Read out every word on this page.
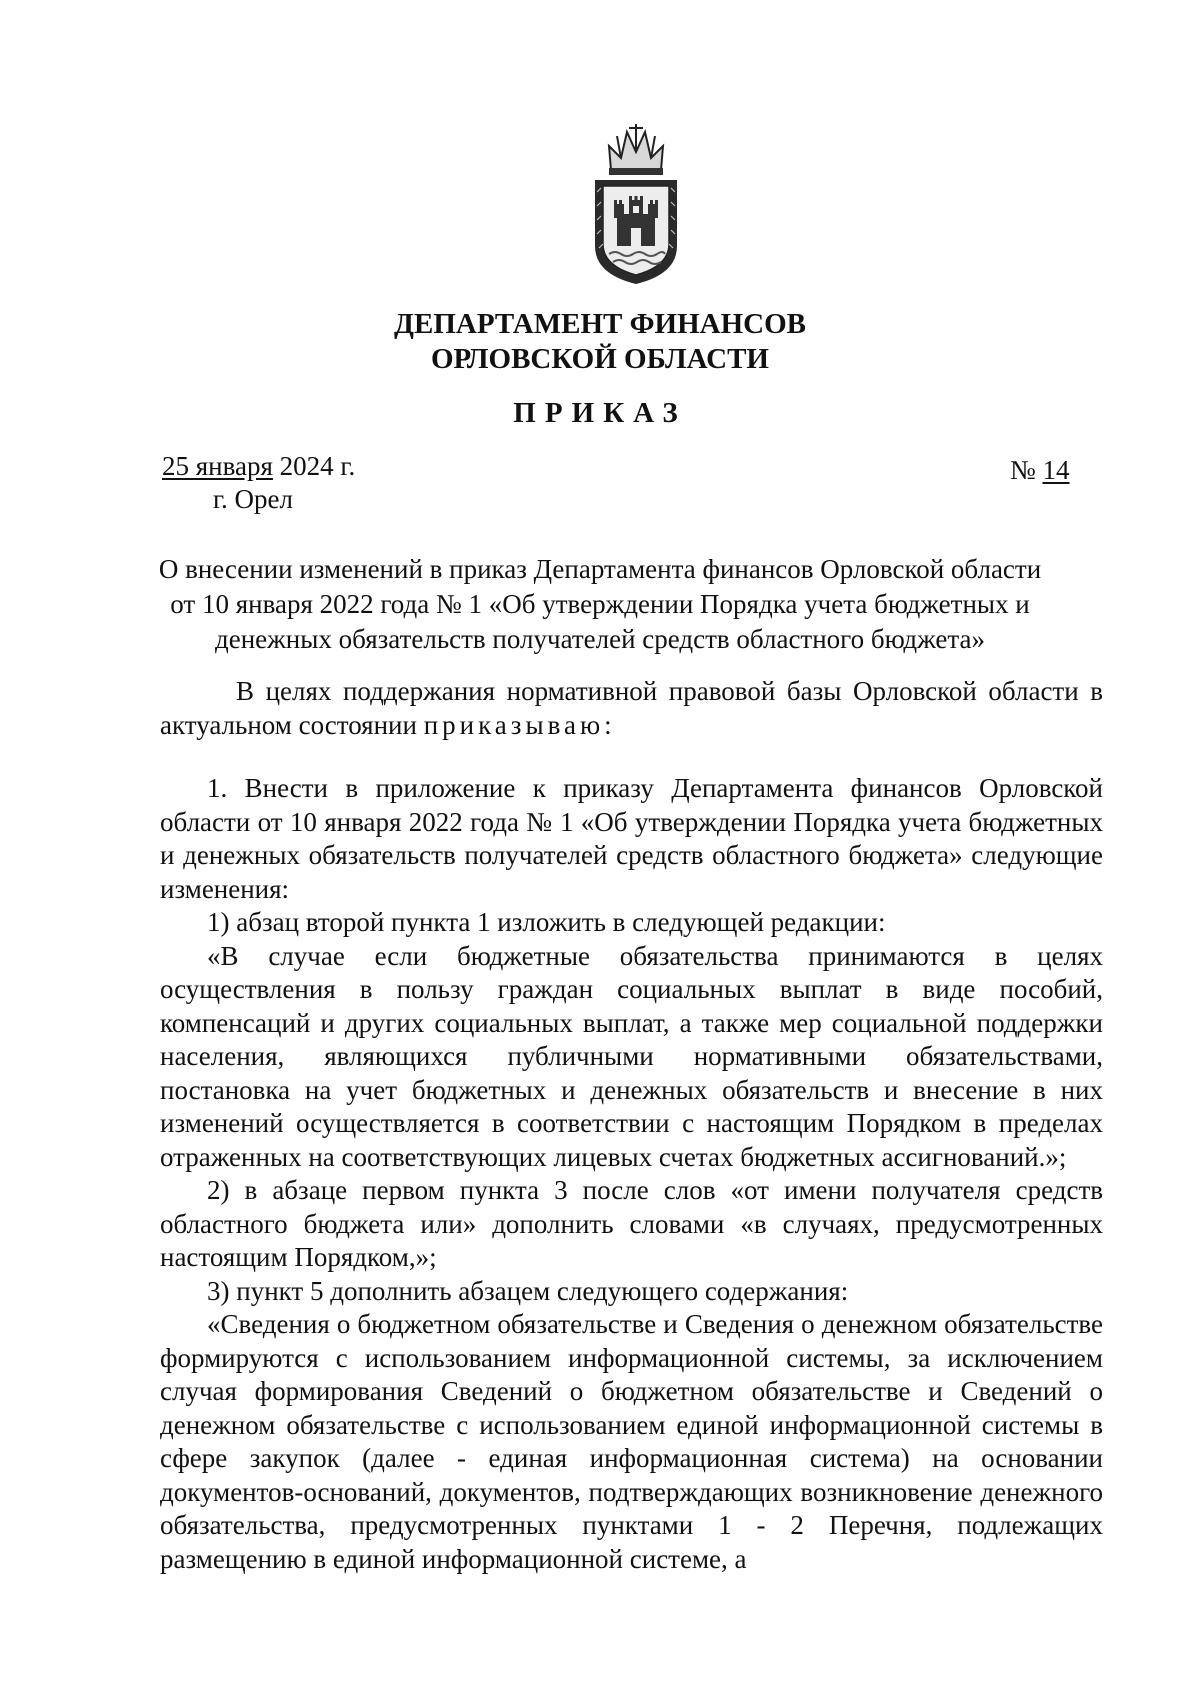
ДЕПАРТАМЕНТ ФИНАНСОВ
ОРЛОВСКОЙ ОБЛАСТИ
ПРИКАЗ
25 января 2024 г.
г. Орел
№ 14
О внесении изменений в приказ Департамента финансов Орловской области
от 10 января 2022 года № 1 «Об утверждении Порядка учета бюджетных и
денежных обязательств получателей средств областного бюджета»
В целях поддержания нормативной правовой базы Орловской области в актуальном состоянии приказываю:
1. Внести в приложение к приказу Департамента финансов Орловской области от 10 января 2022 года № 1 «Об утверждении Порядка учета бюджетных и денежных обязательств получателей средств областного бюджета» следующие изменения:
1) абзац второй пункта 1 изложить в следующей редакции:
«В случае если бюджетные обязательства принимаются в целях осуществления в пользу граждан социальных выплат в виде пособий, компенсаций и других социальных выплат, а также мер социальной поддержки населения, являющихся публичными нормативными обязательствами, постановка на учет бюджетных и денежных обязательств и внесение в них изменений осуществляется в соответствии с настоящим Порядком в пределах отраженных на соответствующих лицевых счетах бюджетных ассигнований.»;
2) в абзаце первом пункта 3 после слов «от имени получателя средств областного бюджета или» дополнить словами «в случаях, предусмотренных настоящим Порядком,»;
3) пункт 5 дополнить абзацем следующего содержания:
«Сведения о бюджетном обязательстве и Сведения о денежном обязательстве формируются с использованием информационной системы, за исключением случая формирования Сведений о бюджетном обязательстве и Сведений о денежном обязательстве с использованием единой информационной системы в сфере закупок (далее - единая информационная система) на основании документов-оснований, документов, подтверждающих возникновение денежного обязательства, предусмотренных пунктами 1 - 2 Перечня, подлежащих размещению в единой информационной системе, а
